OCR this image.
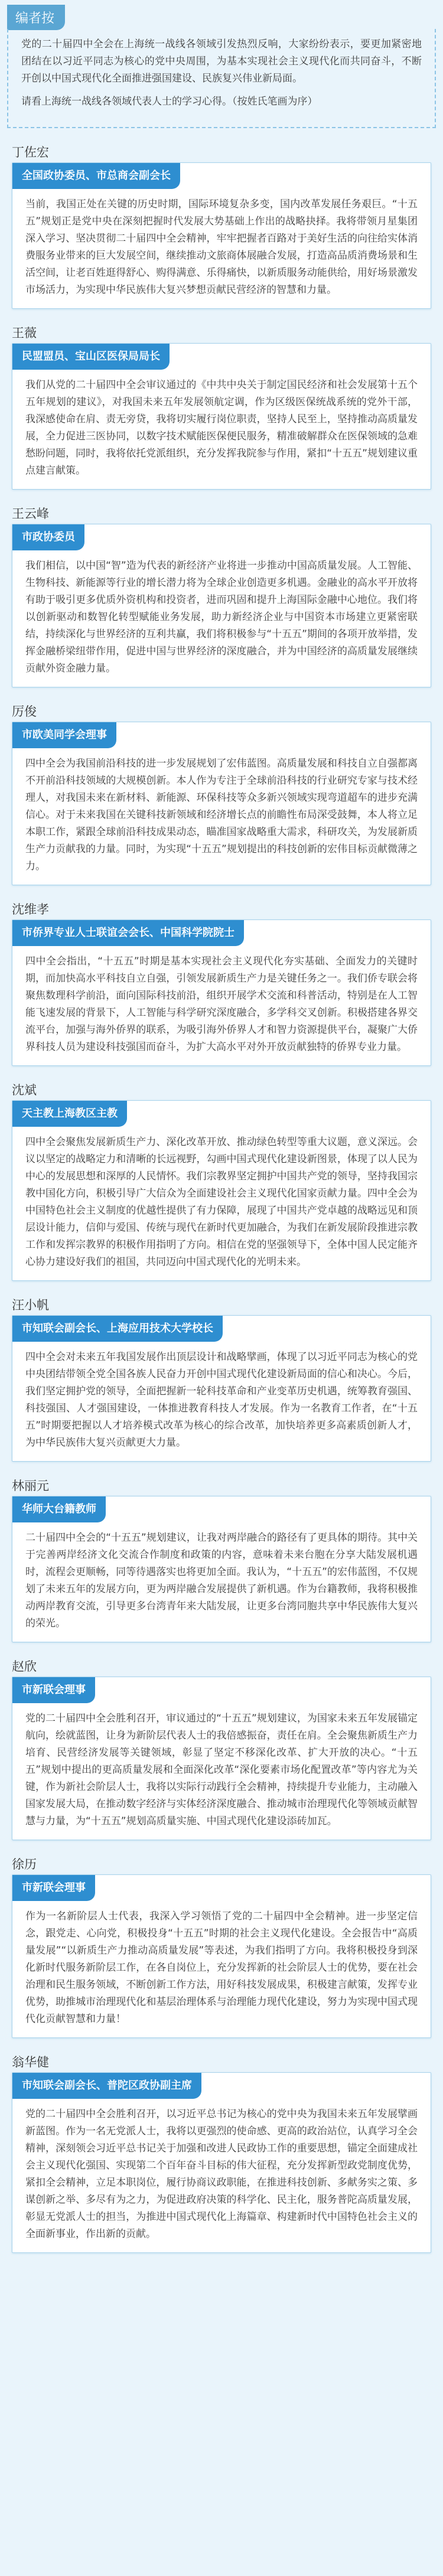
编者按

党的二十届四中全会在上海统一战线各领域引发热烈反响，大家纷纷表示，要更加紧密地团结在以习近平同志为核心的党中央周围，为基本实现社会主义现代化而共同奋斗，不断开创以中国式现代化全面推进强国建设、民族复兴伟业新局面。

请看上海统一战线各领域代表人士的学习心得。（按姓氏笔画为序）

丁佐宏
全国政协委员、市总商会副会长

当前，我国正处在关键的历史时期，国际环境复杂多变，国内改革发展任务艰巨。“十五五”规划正是党中央在深刻把握时代发展大势基础上作出的战略抉择。我将带领月星集团深入学习、坚决贯彻二十届四中全会精神，牢牢把握者百路对于美好生活的向往给实体消费服务业带来的巨大发展空间，继续推动文旅商体展融合发展，打造高品质消费场景和生活空间，让老百姓逛得舒心、购得满意、乐得痛快，以新质服务动能供给，用好场景激发市场活力，为实现中华民族伟大复兴梦想贡献民营经济的智慧和力量。

王薇
民盟盟员、宝山区医保局局长

我们从党的二十届四中全会审议通过的《中共中央关于制定国民经济和社会发展第十五个五年规划的建议》，对我国未来五年发展领航定调，作为区级医保统战系统的党外干部，我深感使命在肩、责无旁贷，我将切实履行岗位职责，坚持人民至上，坚持推动高质量发展，全力促进三医协同，以数字技术赋能医保便民服务，精准破解群众在医保领域的急难愁盼问题，同时，我将依托党派组织，充分发挥我院参与作用，紧扣“十五五”规划建议重点建言献策。

王云峰
市政协委员

我们相信，以中国“智”造为代表的新经济产业将进一步推动中国高质量发展。人工智能、生物科技、新能源等行业的增长潜力将为全球企业创造更多机遇。金融业的高水平开放将有助于吸引更多优质外资机构和投资者，进而巩固和提升上海国际金融中心地位。我们将以创新驱动和数智化转型赋能业务发展，助力新经济企业与中国资本市场建立更紧密联结，持续深化与世界经济的互利共赢，我们将积极参与“十五五”期间的各项开放举措，发挥金融桥梁纽带作用，促进中国与世界经济的深度融合，并为中国经济的高质量发展继续贡献外资金融力量。

厉俊
市欧美同学会理事

四中全会为我国前沿科技的进一步发展规划了宏伟蓝图。高质量发展和科技自立自强都离不开前沿科技领域的大规模创新。本人作为专注于全球前沿科技的行业研究专家与技术经理人，对我国未来在新材料、新能源、环保科技等众多新兴领域实现弯道超车的进步充满信心。对于未来我国在关键科技新领域和经济增长点的前瞻性布局深受鼓舞，本人将立足本职工作，紧跟全球前沿科技成果动态，瞄准国家战略重大需求，科研攻关，为发展新质生产力贡献我的力量。同时，为实现“十五五”规划提出的科技创新的宏伟目标贡献微薄之力。

沈维孝
市侨界专业人士联谊会会长、中国科学院院士

四中全会指出，“十五五”时期是基本实现社会主义现代化夯实基础、全面发力的关键时期，而加快高水平科技自立自强，引领发展新质生产力是关键任务之一。我们侨专联会将聚焦数理科学前沿，面向国际科技前沿，组织开展学术交流和科普活动，特别是在人工智能飞速发展的背景下，人工智能与科学研究深度融合，多学科交叉创新。积极搭建各界交流平台，加强与海外侨界的联系，为吸引海外侨界人才和智力资源提供平台，凝聚广大侨界科技人员为建设科技强国而奋斗，为扩大高水平对外开放贡献独特的侨界专业力量。

沈斌
天主教上海教区主教

四中全会聚焦发展新质生产力、深化改革开放、推动绿色转型等重大议题，意义深远。会议以坚定的战略定力和清晰的长远视野，勾画中国式现代化建设新图景，体现了以人民为中心的发展思想和深厚的人民情怀。我们宗教界坚定拥护中国共产党的领导，坚持我国宗教中国化方向，积极引导广大信众为全面建设社会主义现代化国家贡献力量。四中全会为中国特色社会主义制度的优越性提供了有力保障，展现了中国共产党卓越的战略远见和顶层设计能力，信仰与爱国、传统与现代在新时代更加融合，为我们在新发展阶段推进宗教工作和发挥宗教界的积极作用指明了方向。相信在党的坚强领导下，全体中国人民定能齐心协力建设好我们的祖国，共同迈向中国式现代化的光明未来。

汪小帆
市知联会副会长、上海应用技术大学校长

四中全会对未来五年我国发展作出顶层设计和战略擘画，体现了以习近平同志为核心的党中央团结带领全党全国各族人民奋力开创中国式现代化建设新局面的信心和决心。今后，我们坚定拥护党的领导，全面把握新一轮科技革命和产业变革历史机遇，统筹教育强国、科技强国、人才强国建设，一体推进教育科技人才发展。作为一名教育工作者，在“十五五”时期要把握以人才培养模式改革为核心的综合改革，加快培养更多高素质创新人才，为中华民族伟大复兴贡献更大力量。

林丽元
华师大台籍教师

二十届四中全会的“十五五”规划建议，让我对两岸融合的路径有了更具体的期待。其中关于完善两岸经济文化交流合作制度和政策的内容，意味着未来台胞在分享大陆发展机遇时，流程会更顺畅，同等待遇落实也将更加全面。我认为，“十五五”的宏伟蓝图，不仅规划了未来五年的发展方向，更为两岸融合发展提供了新机遇。作为台籍教师，我将积极推动两岸教育交流，引导更多台湾青年来大陆发展，让更多台湾同胞共享中华民族伟大复兴的荣光。

赵欣
市新联会理事

党的二十届四中全会胜利召开，审议通过的“十五五”规划建议，为国家未来五年发展锚定航向，绘就蓝图，让身为新阶层代表人士的我倍感振奋，责任在肩。全会聚焦新质生产力培育、民营经济发展等关键领域，彰显了坚定不移深化改革、扩大开放的决心。“十五五”规划中提出的更高质量发展和全面深化改革“深化要素市场化配置改革”等内容尤为关键，作为新社会阶层人士，我将以实际行动践行全会精神，持续提升专业能力，主动融入国家发展大局，在推动数字经济与实体经济深度融合、推动城市治理现代化等领域贡献智慧与力量，为“十五五”规划高质量实施、中国式现代化建设添砖加瓦。

徐历
市新联会理事

作为一名新阶层人士代表，我深入学习领悟了党的二十届四中全会精神。进一步坚定信念，跟党走、心向党，积极投身“十五五”时期的社会主义现代化建设。全会报告中“高质量发展”“以新质生产力推动高质量发展”等表述，为我们指明了方向。我将积极投身到深化新时代服务新阶层工作，在各自岗位上，充分发挥新的社会阶层人士的优势，要在社会治理和民生服务领域，不断创新工作方法，用好科技发展成果，积极建言献策，发挥专业优势，助推城市治理现代化和基层治理体系与治理能力现代化建设，努力为实现中国式现代化贡献智慧和力量！

翁华健
市知联会副会长、普陀区政协副主席

党的二十届四中全会胜利召开，以习近平总书记为核心的党中央为我国未来五年发展擘画新蓝图。作为一名无党派人士，我将以更强烈的使命感、更高的政治站位，认真学习全会精神，深刻领会习近平总书记关于加强和改进人民政协工作的重要思想，锚定全面建成社会主义现代化强国、实现第二个百年奋斗目标的伟大征程，充分发挥新型政党制度优势，紧扣全会精神，立足本职岗位，履行协商议政职能，在推进科技创新、多献务实之策、多谋创新之举、多尽有为之力，为促进政府决策的科学化、民主化，服务普陀高质量发展，彰显无党派人士的担当，为推进中国式现代化上海篇章、构建新时代中国特色社会主义的全面新事业，作出新的贡献。
